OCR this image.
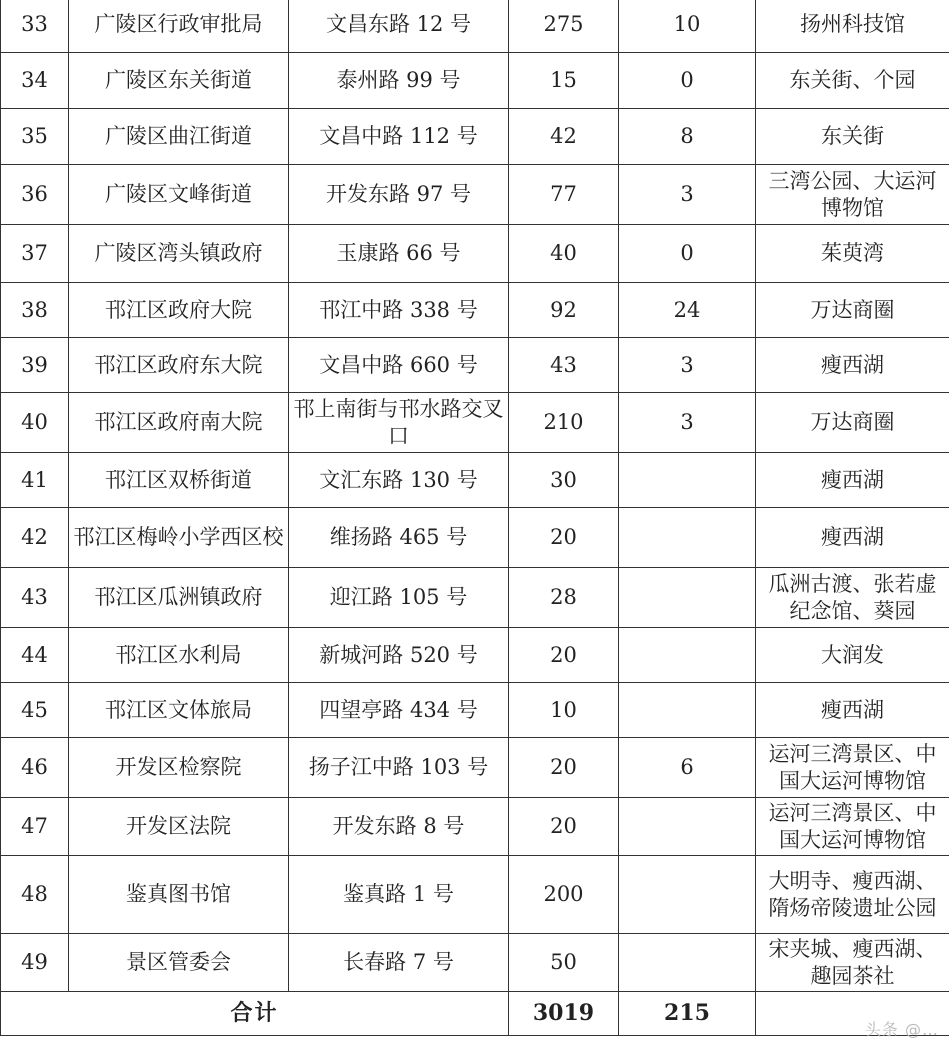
33	广陵区行政审批局	文昌东路 12 号	275	10	扬州科技馆
34	广陵区东关街道	泰州路 99 号	15	0	东关街、个园
35	广陵区曲江街道	文昌中路 112 号	42	8	东关街
36	广陵区文峰街道	开发东路 97 号	77	3	三湾公园、大运河博物馆
37	广陵区湾头镇政府	玉康路 66 号	40	0	茱萸湾
38	邗江区政府大院	邗江中路 338 号	92	24	万达商圈
39	邗江区政府东大院	文昌中路 660 号	43	3	瘦西湖
40	邗江区政府南大院	邗上南街与邗水路交叉口	210	3	万达商圈
41	邗江区双桥街道	文汇东路 130 号	30		瘦西湖
42	邗江区梅岭小学西区校	维扬路 465 号	20		瘦西湖
43	邗江区瓜洲镇政府	迎江路 105 号	28		瓜洲古渡、张若虚纪念馆、葵园
44	邗江区水利局	新城河路 520 号	20		大润发
45	邗江区文体旅局	四望亭路 434 号	10		瘦西湖
46	开发区检察院	扬子江中路 103 号	20	6	运河三湾景区、中国大运河博物馆
47	开发区法院	开发东路 8 号	20		运河三湾景区、中国大运河博物馆
48	鉴真图书馆	鉴真路 1 号	200		大明寺、瘦西湖、隋炀帝陵遗址公园
49	景区管委会	长春路 7 号	50		宋夹城、瘦西湖、趣园茶社
合计			3019	215	
头条 @…
